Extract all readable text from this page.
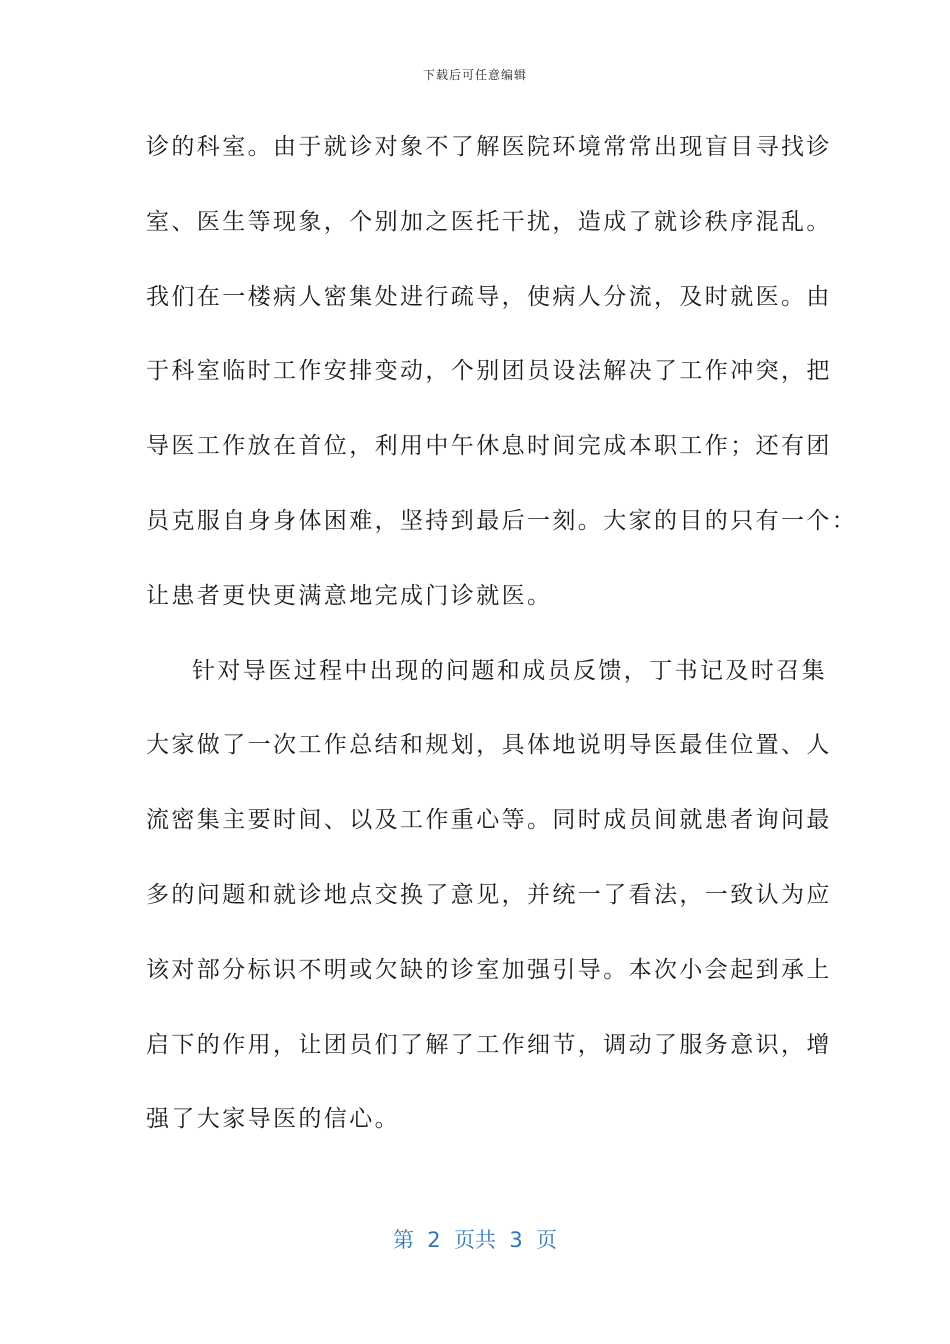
下载后可任意编辑
诊的科室。由于就诊对象不了解医院环境常常出现盲目寻找诊
室、医生等现象，个别加之医托干扰，造成了就诊秩序混乱。
我们在一楼病人密集处进行疏导，使病人分流，及时就医。由
于科室临时工作安排变动，个别团员设法解决了工作冲突，把
导医工作放在首位，利用中午休息时间完成本职工作；还有团
员克服自身身体困难，坚持到最后一刻。大家的目的只有一个：
让患者更快更满意地完成门诊就医。
针对导医过程中出现的问题和成员反馈，丁书记及时召集
大家做了一次工作总结和规划，具体地说明导医最佳位置、人
流密集主要时间、以及工作重心等。同时成员间就患者询问最
多的问题和就诊地点交换了意见，并统一了看法，一致认为应
该对部分标识不明或欠缺的诊室加强引导。本次小会起到承上
启下的作用，让团员们了解了工作细节，调动了服务意识，增
强了大家导医的信心。
第  2  页共  3  页
